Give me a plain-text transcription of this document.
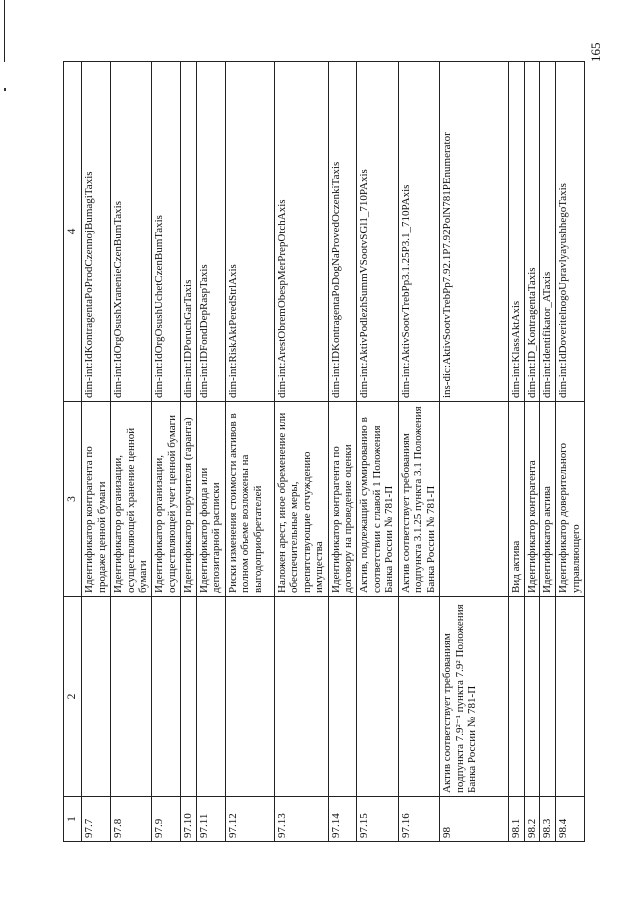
165
1	2	3	4
97.7		Идентификатор контрагента по продаже ценной бумаги	dim-int:IdKontragentaPoProdCzennojBumagiTaxis
97.8		Идентификатор организации, осуществляющей хранение ценной бумаги	dim-int:IdOrgOsushXranenieCzenBumTaxis
97.9		Идентификатор организации, осуществляющей учет ценной бумаги	dim-int:IdOrgOsushUchetCzenBumTaxis
97.10		Идентификатор поручителя (гаранта)	dim-int:IDPoruchGarTaxis
97.11		Идентификатор фонда или депозитарной расписки	dim-int:IDFondDepRaspTaxis
97.12		Риски изменения стоимости активов в полном объеме возложены на выгодоприобретателей	dim-int:RiskAktPeredStrlAxis
97.13		Наложен арест, иное обременение или обеспечительные меры, препятствующие отчуждению имущества	dim-int:ArestObremObespMerPrepOtchAxis
97.14		Идентификатор контрагента по договору на проведение оценки	dim-int:IDKontragentaPoDogNaProvedOczenkiTaxis
97.15		Актив, подлежащий суммированию в соответствии с главой 1 Положения Банка России № 781-П	dim-int:AktivPodlezhSummVSootvSGl1_710PAxis
97.16		Актив соответствует требованиям подпункта 3.1.25 пункта 3.1 Положения Банка России № 781-П	dim-int:AktivSootvTrebPp3.1.25P3.1_710PAxis
98	Актив соответствует требованиям подпункта 7.9²⁻¹ пункта 7.9² Положения Банка России № 781-П		ins-dic:AktivSootvTrebPp7.92.1P7.92PolN781PEnumerator
98.1		Вид актива	dim-int:KlassAktAxis
98.2		Идентификатор контрагента	dim-int:ID_KontragentaTaxis
98.3		Идентификатор актива	dim-int:Identifikator_ATaxis
98.4		Идентификатор доверительного управляющего	dim-int:IdDoveritelnogoUpravlyayushhegoTaxis
